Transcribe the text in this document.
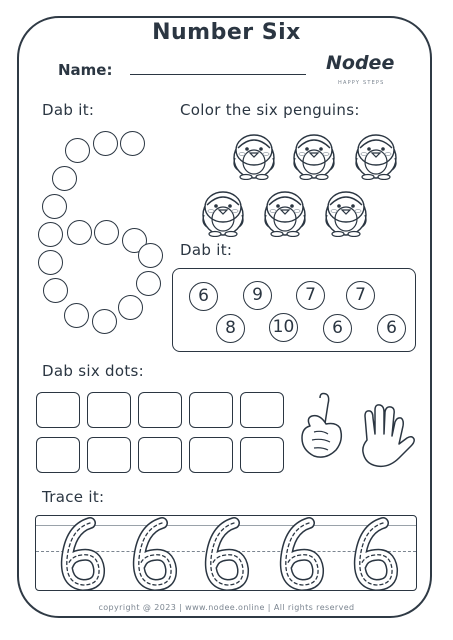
Number Six
Name:	Nodee
HAPPY STEPS
Dab it:	Color the six penguins:
Dab it:
6	9	7	7
8	10	6	6
Dab six dots:
Trace it:
copyright @ 2023 | www.nodee.online | All rights reserved
